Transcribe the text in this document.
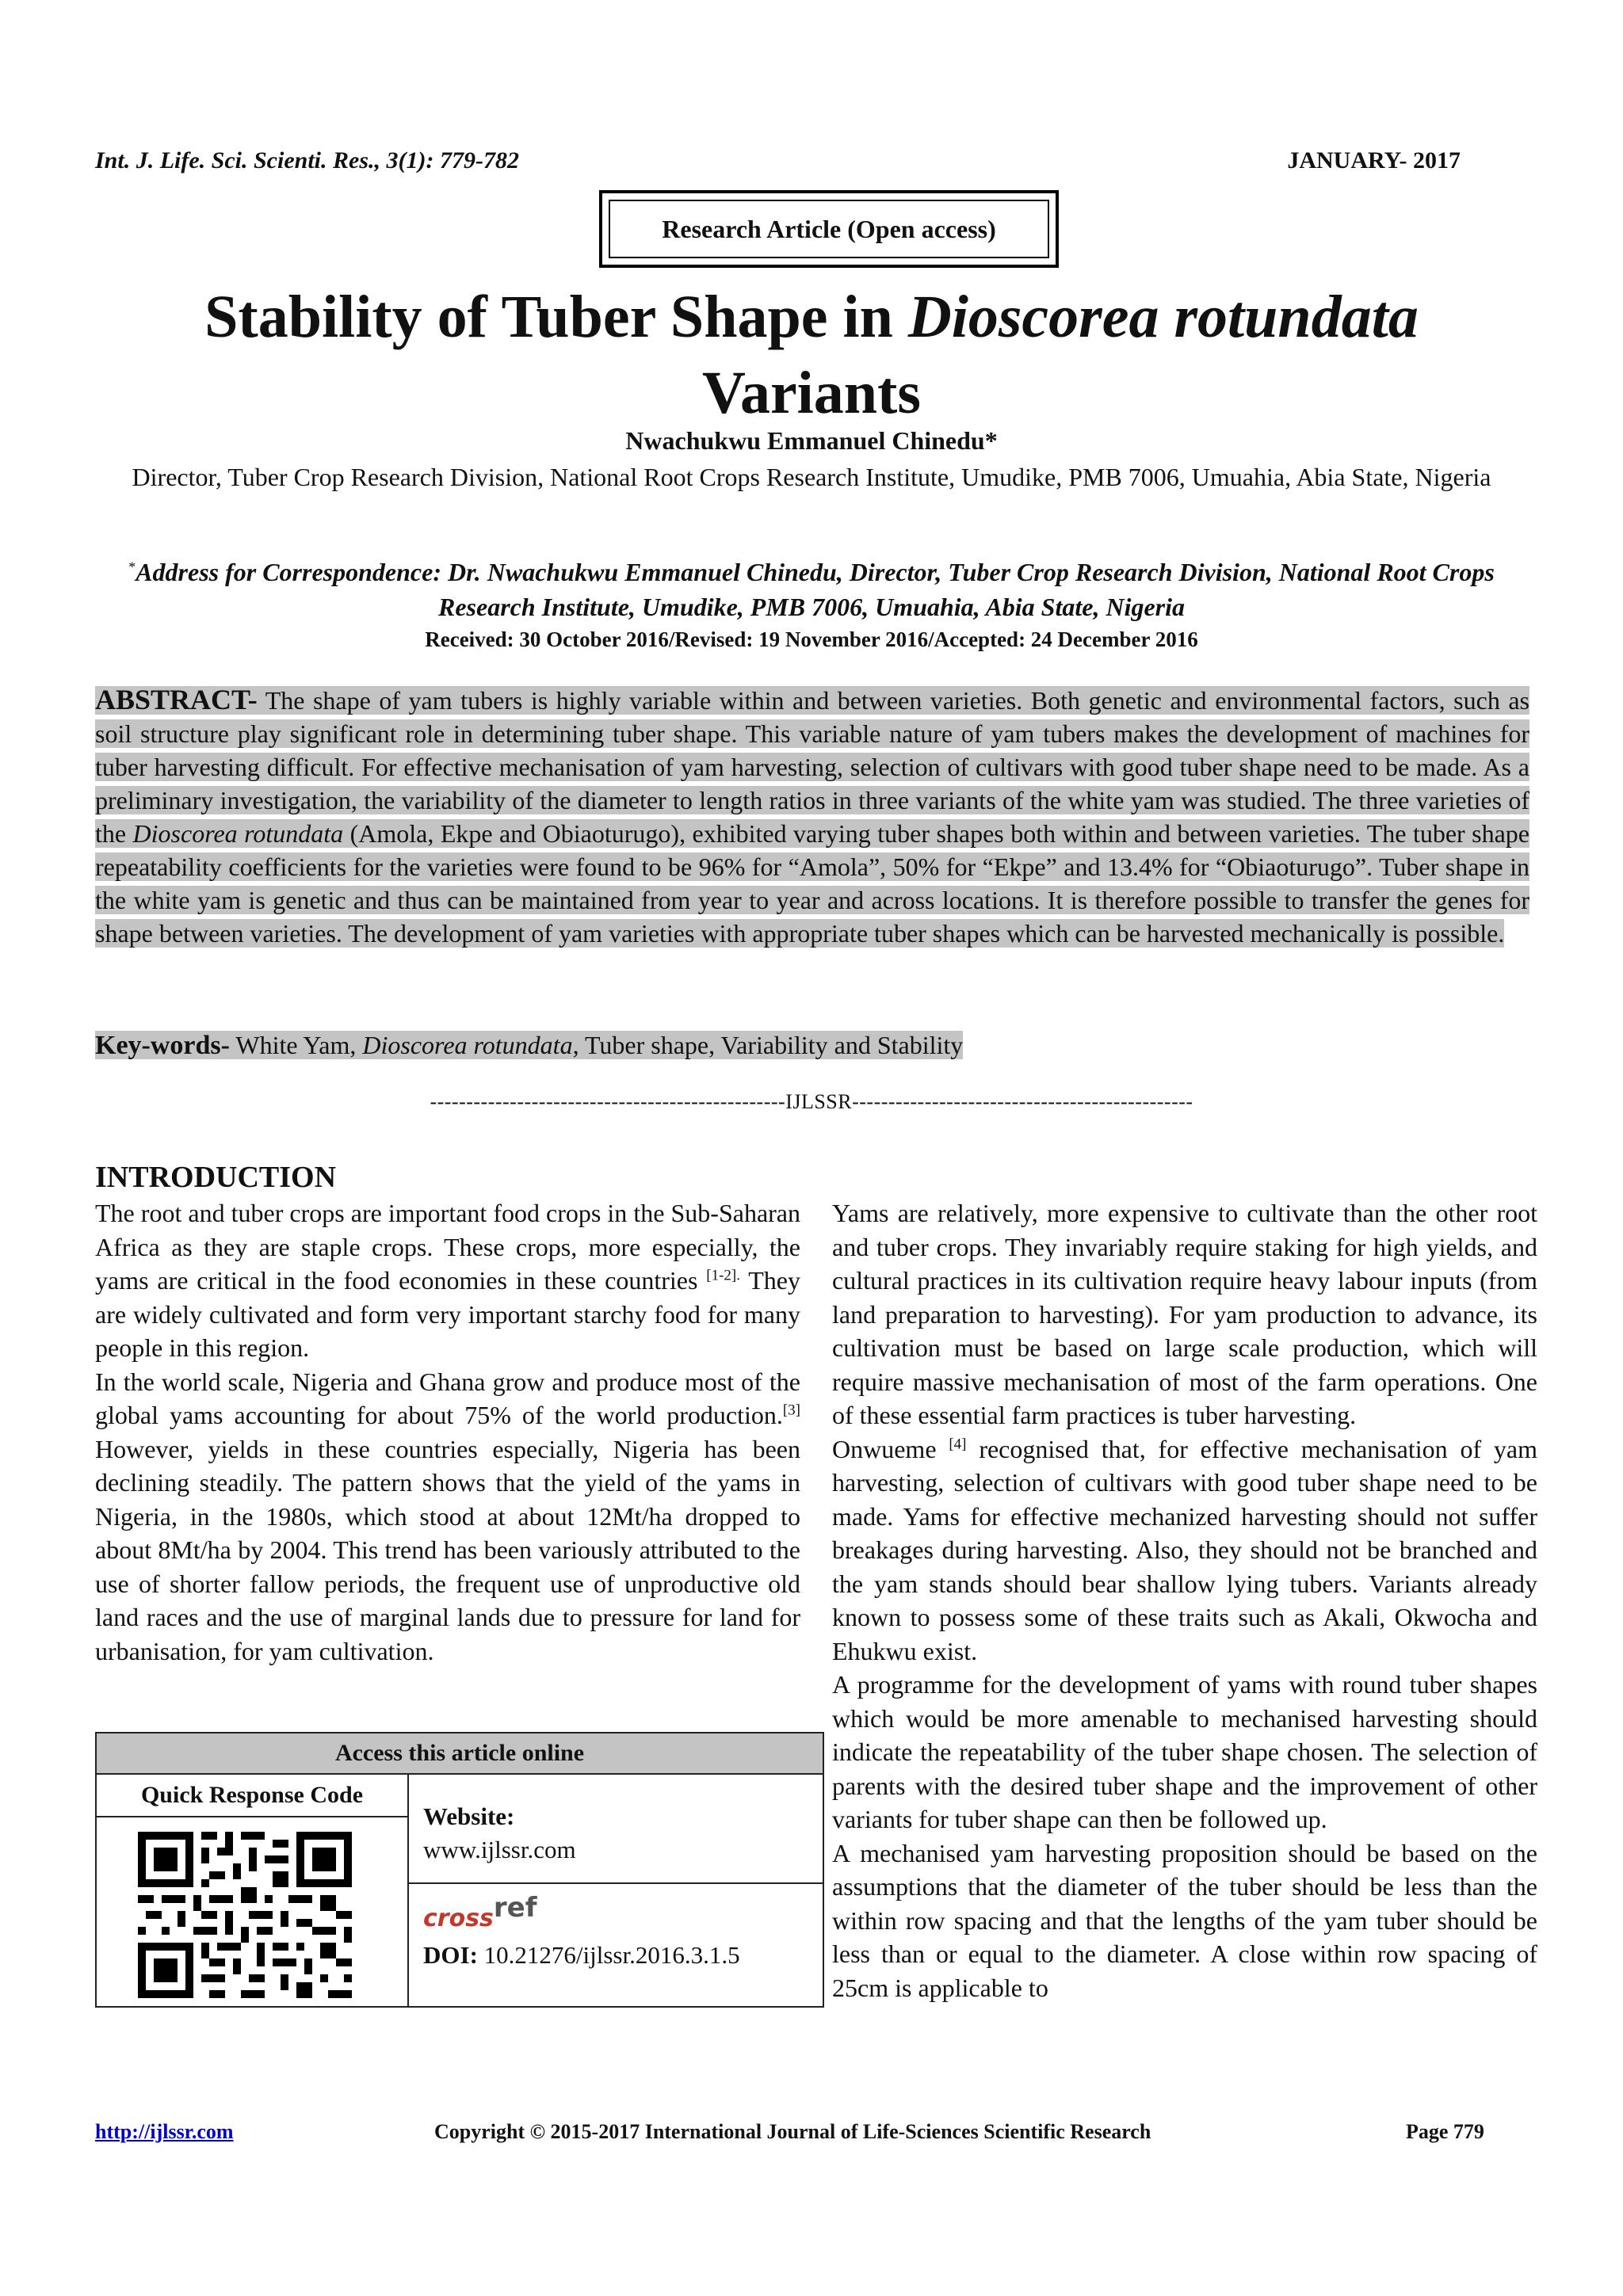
Int. J. Life. Sci. Scienti. Res., 3(1): 779-782	JANUARY- 2017
Research Article (Open access)
Stability of Tuber Shape in Dioscorea rotundata
Variants
Nwachukwu Emmanuel Chinedu*
Director, Tuber Crop Research Division, National Root Crops Research Institute, Umudike, PMB 7006, Umuahia, Abia State, Nigeria
*Address for Correspondence: Dr. Nwachukwu Emmanuel Chinedu, Director, Tuber Crop Research Division, National Root Crops Research Institute, Umudike, PMB 7006, Umuahia, Abia State, Nigeria
Received: 30 October 2016/Revised: 19 November 2016/Accepted: 24 December 2016
ABSTRACT- The shape of yam tubers is highly variable within and between varieties. Both genetic and environmental factors, such as soil structure play significant role in determining tuber shape. This variable nature of yam tubers makes the development of machines for tuber harvesting difficult. For effective mechanisation of yam harvesting, selection of cultivars with good tuber shape need to be made. As a preliminary investigation, the variability of the diameter to length ratios in three variants of the white yam was studied. The three varieties of the Dioscorea rotundata (Amola, Ekpe and Obiaoturugo), exhibited varying tuber shapes both within and between varieties. The tuber shape repeatability coefficients for the varieties were found to be 96% for “Amola”, 50% for “Ekpe” and 13.4% for “Obiaoturugo”. Tuber shape in the white yam is genetic and thus can be maintained from year to year and across locations. It is therefore possible to transfer the genes for shape between varieties. The development of yam varieties with appropriate tuber shapes which can be harvested mechanically is possible.
Key-words- White Yam, Dioscorea rotundata, Tuber shape, Variability and Stability
-------------------------------------------------IJLSSR-----------------------------------------------
INTRODUCTION

The root and tuber crops are important food crops in the Sub-Saharan Africa as they are staple crops. These crops, more especially, the yams are critical in the food economies in these countries $^{[1-2].}$ They are widely cultivated and form very important starchy food for many people in this region.

In the world scale, Nigeria and Ghana grow and produce most of the global yams accounting for about 75% of the world production.[3] However, yields in these countries especially, Nigeria has been declining steadily. The pattern shows that the yield of the yams in Nigeria, in the 1980s, which stood at about 12Mt/ha dropped to about 8Mt/ha by 2004. This trend has been variously attributed to the use of shorter fallow periods, the frequent use of unproductive old land races and the use of marginal lands due to pressure for land for urbanisation, for yam cultivation.

Yams are relatively, more expensive to cultivate than the other root and tuber crops. They invariably require staking for high yields, and cultural practices in its cultivation require heavy labour inputs (from land preparation to harvesting). For yam production to advance, its cultivation must be based on large scale production, which will require massive mechanisation of most of the farm operations. One of these essential farm practices is tuber harvesting.

Onwueme [4] recognised that, for effective mechanisation of yam harvesting, selection of cultivars with good tuber shape need to be made. Yams for effective mechanized harvesting should not suffer breakages during harvesting. Also, they should not be branched and the yam stands should bear shallow lying tubers. Variants already known to possess some of these traits such as Akali, Okwocha and Ehukwu exist.

A programme for the development of yams with round tuber shapes which would be more amenable to mechanised harvesting should indicate the repeatability of the tuber shape chosen. The selection of parents with the desired tuber shape and the improvement of other variants for tuber shape can then be followed up.

A mechanised yam harvesting proposition should be based on the assumptions that the diameter of the tuber should be less than the within row spacing and that the lengths of the yam tuber should be less than or equal to the diameter. A close within row spacing of 25cm is applicable to

Access this article online
Quick Response Code
Website:
www.ijlssr.com
crossref
DOI: 10.21276/ijlssr.2016.3.1.5
http://ijlssr.com	Copyright © 2015-2017 International Journal of Life-Sciences Scientific Research	Page 779
